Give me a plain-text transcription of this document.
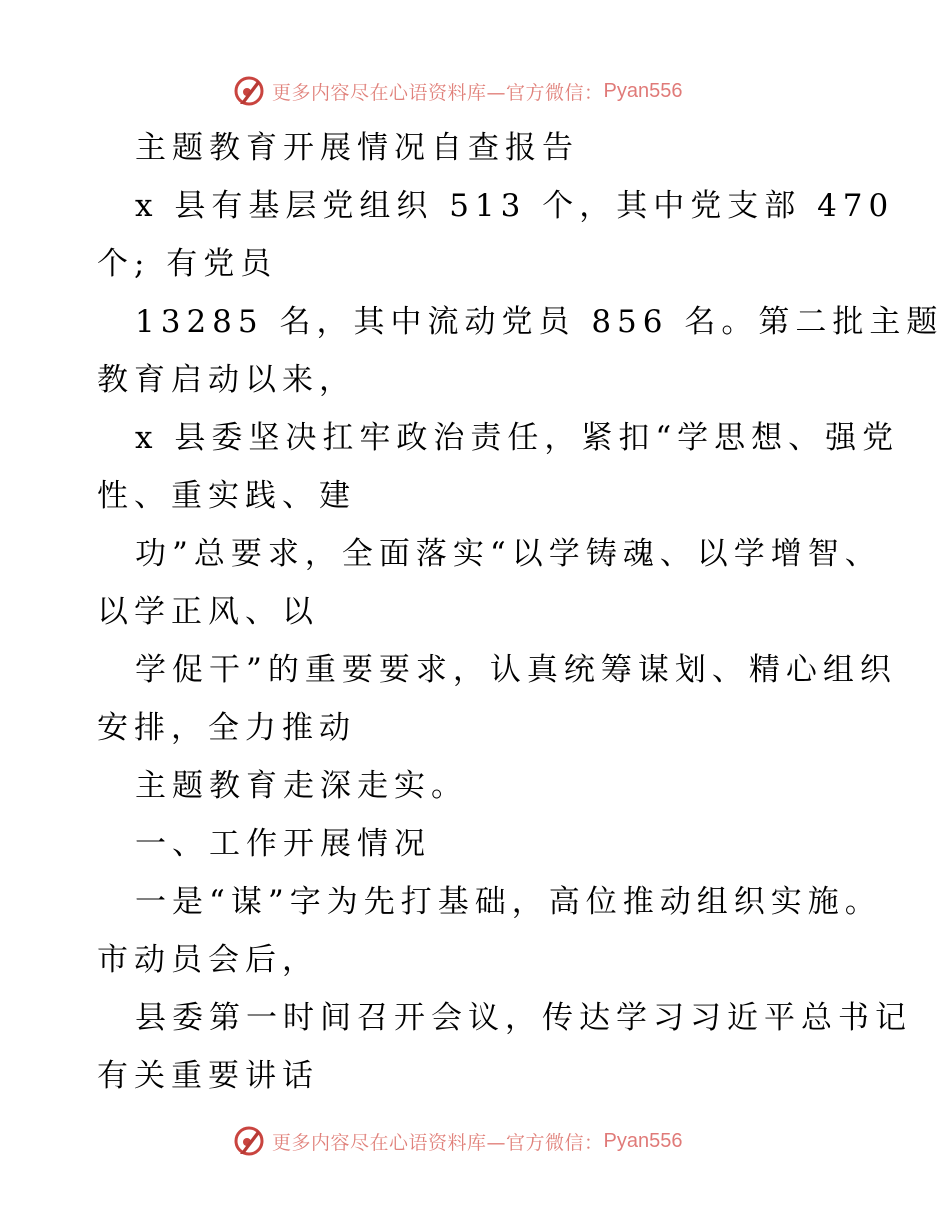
更多内容尽在心语资料库—官方微信： Pyan556
主题教育开展情况自查报告
x 县有基层党组织 513 个，其中党支部 470
个; 有党员
13285 名，其中流动党员 856 名。第二批主题
教育启动以来，
x 县委坚决扛牢政治责任，紧扣“学思想、强党
性、重实践、建
功”总要求，全面落实“以学铸魂、以学增智、
以学正风、以
学促干”的重要要求，认真统筹谋划、精心组织
安排，全力推动
主题教育走深走实。
一、工作开展情况
一是“谋”字为先打基础，高位推动组织实施。
市动员会后，
县委第一时间召开会议，传达学习习近平总书记
有关重要讲话
更多内容尽在心语资料库—官方微信： Pyan556
